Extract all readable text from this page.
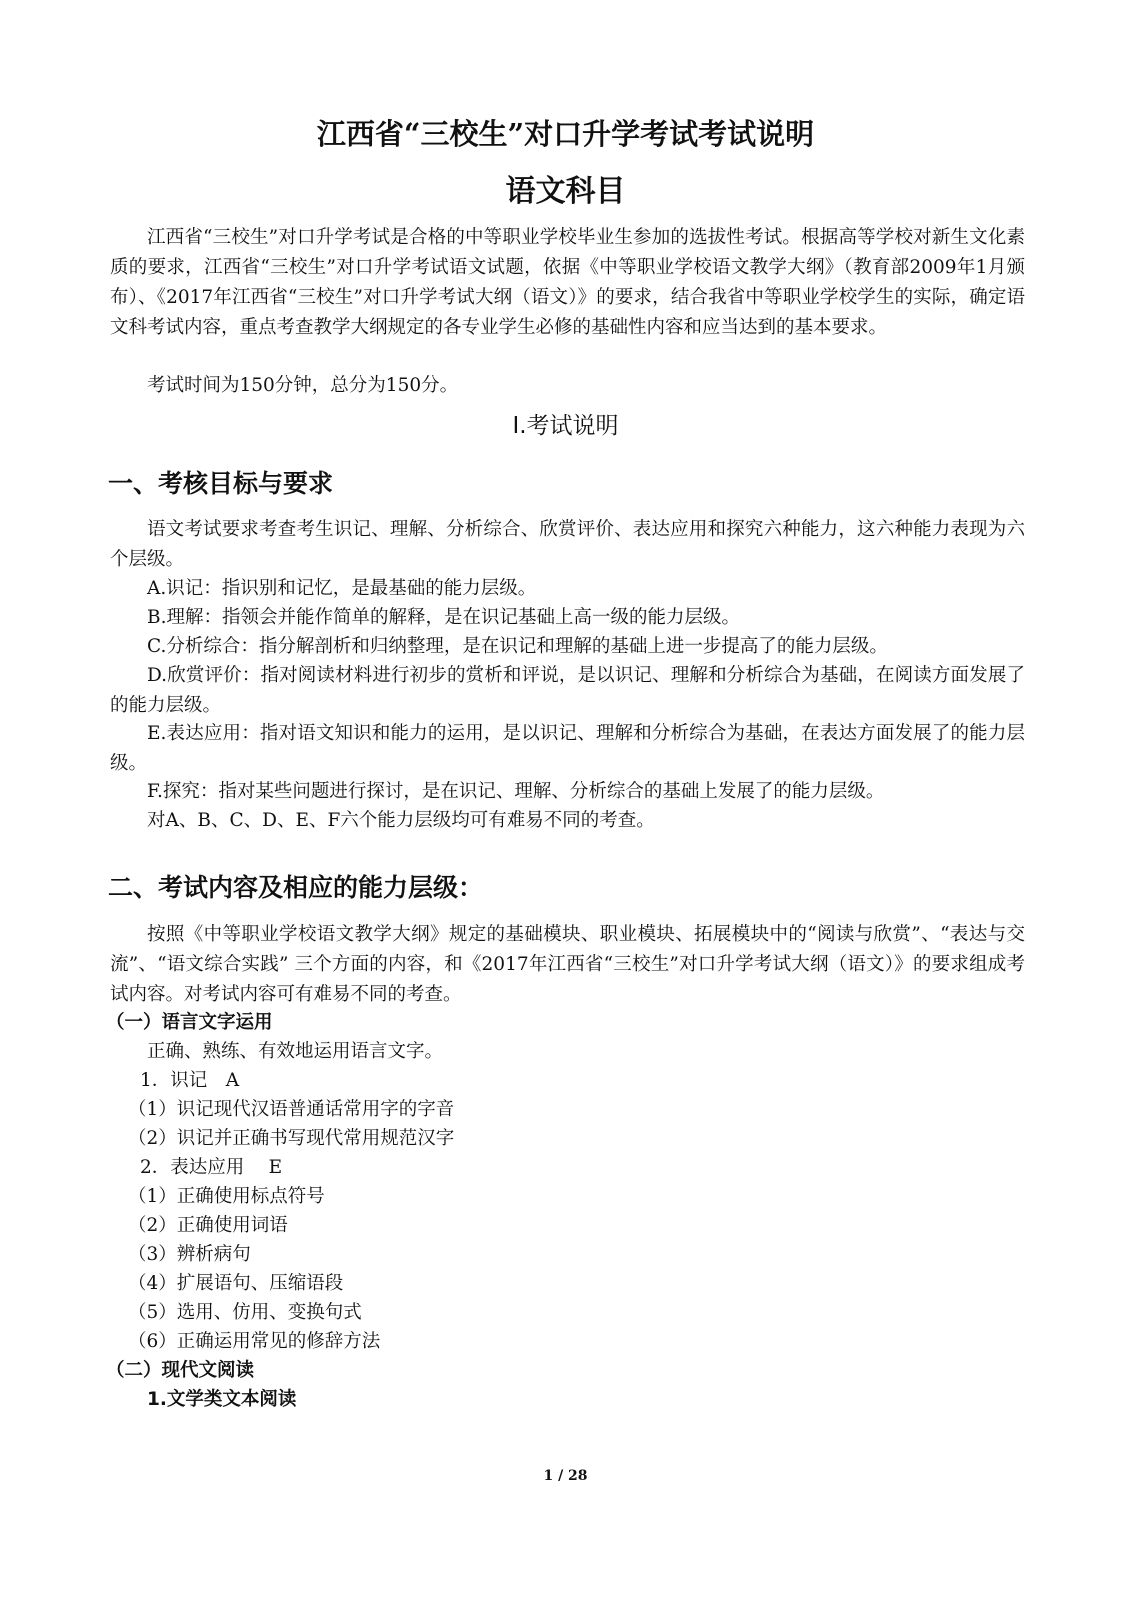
江西省“三校生”对口升学考试考试说明
语文科目

江西省“三校生”对口升学考试是合格的中等职业学校毕业生参加的选拔性考试。根据高等学校对新生文化素质的要求，江西省“三校生”对口升学考试语文试题，依据《中等职业学校语文教学大纲》（教育部2009年1月颁布）、《2017年江西省“三校生”对口升学考试大纲（语文）》的要求，结合我省中等职业学校学生的实际，确定语文科考试内容，重点考查教学大纲规定的各专业学生必修的基础性内容和应当达到的基本要求。

考试时间为150分钟，总分为150分。

I.考试说明
一、考核目标与要求

语文考试要求考查考生识记、理解、分析综合、欣赏评价、表达应用和探究六种能力，这六种能力表现为六个层级。

A.识记：指识别和记忆，是最基础的能力层级。

B.理解：指领会并能作简单的解释，是在识记基础上高一级的能力层级。

C.分析综合：指分解剖析和归纳整理，是在识记和理解的基础上进一步提高了的能力层级。

D.欣赏评价：指对阅读材料进行初步的赏析和评说，是以识记、理解和分析综合为基础，在阅读方面发展了的能力层级。

E.表达应用：指对语文知识和能力的运用，是以识记、理解和分析综合为基础，在表达方面发展了的能力层级。

F.探究：指对某些问题进行探讨，是在识记、理解、分析综合的基础上发展了的能力层级。

对A、B、C、D、E、F六个能力层级均可有难易不同的考查。

二、考试内容及相应的能力层级：

按照《中等职业学校语文教学大纲》规定的基础模块、职业模块、拓展模块中的“阅读与欣赏”、“表达与交流”、“语文综合实践” 三个方面的内容，和《2017年江西省“三校生”对口升学考试大纲（语文）》的要求组成考试内容。对考试内容可有难易不同的考查。

（一）语言文字运用

正确、熟练、有效地运用语言文字。

1．识记　A

（1）识记现代汉语普通话常用字的字音

（2）识记并正确书写现代常用规范汉字

2．表达应用　 E

（1）正确使用标点符号

（2）正确使用词语

（3）辨析病句

（4）扩展语句、压缩语段

（5）选用、仿用、变换句式

（6）正确运用常见的修辞方法

（二）现代文阅读
1.文学类文本阅读
1 / 28
